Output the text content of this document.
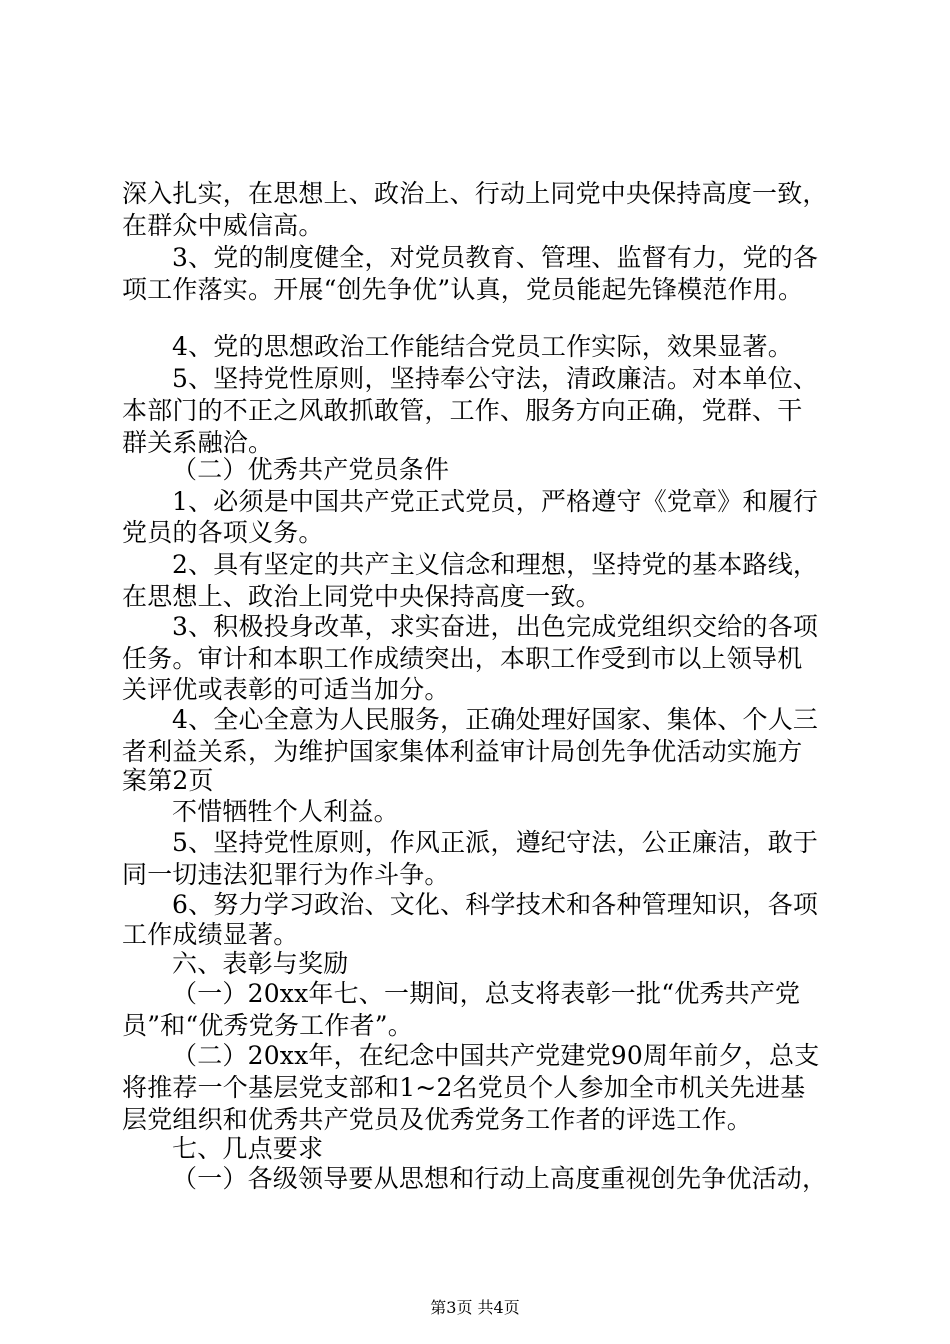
深入扎实，在思想上、政治上、行动上同党中央保持高度一致，
在群众中威信高。
3、党的制度健全，对党员教育、管理、监督有力，党的各
项工作落实。开展“创先争优”认真，党员能起先锋模范作用。
4、党的思想政治工作能结合党员工作实际，效果显著。
5、坚持党性原则，坚持奉公守法，清政廉洁。对本单位、
本部门的不正之风敢抓敢管，工作、服务方向正确，党群、干
群关系融洽。
（二）优秀共产党员条件
1、必须是中国共产党正式党员，严格遵守《党章》和履行
党员的各项义务。
2、具有坚定的共产主义信念和理想，坚持党的基本路线，
在思想上、政治上同党中央保持高度一致。
3、积极投身改革，求实奋进，出色完成党组织交给的各项
任务。审计和本职工作成绩突出，本职工作受到市以上领导机
关评优或表彰的可适当加分。
4、全心全意为人民服务，正确处理好国家、集体、个人三
者利益关系，为维护国家集体利益审计局创先争优活动实施方
案第2页
不惜牺牲个人利益。
5、坚持党性原则，作风正派，遵纪守法，公正廉洁，敢于
同一切违法犯罪行为作斗争。
6、努力学习政治、文化、科学技术和各种管理知识，各项
工作成绩显著。
六、表彰与奖励
（一）20xx年七、一期间，总支将表彰一批“优秀共产党
员”和“优秀党务工作者”。
（二）20xx年，在纪念中国共产党建党90周年前夕，总支
将推荐一个基层党支部和1~2名党员个人参加全市机关先进基
层党组织和优秀共产党员及优秀党务工作者的评选工作。
七、几点要求
（一）各级领导要从思想和行动上高度重视创先争优活动，
第3页 共4页
